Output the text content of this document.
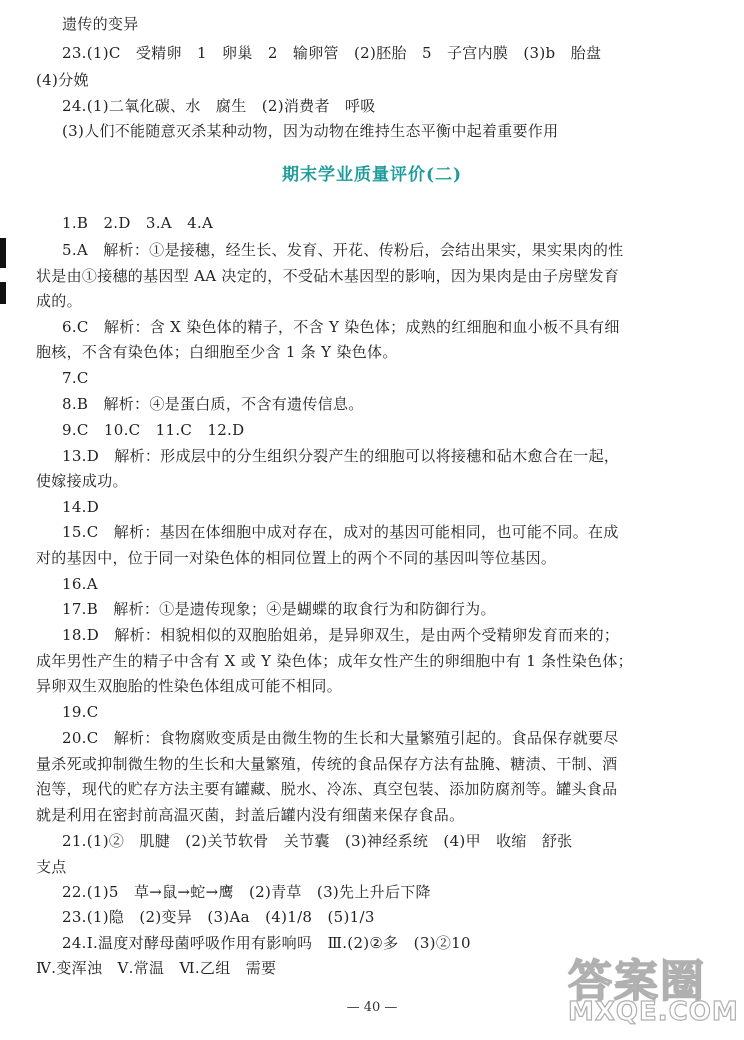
遗传的变异
23.(1)C   受精卵   1   卵巢   2   输卵管   (2)胚胎   5   子宫内膜   (3)b   胎盘
(4)分娩
24.(1)二氧化碳、水   腐生   (2)消费者   呼吸
(3)人们不能随意灭杀某种动物，因为动物在维持生态平衡中起着重要作用
期末学业质量评价(二)
1.B   2.D   3.A   4.A
5.A   解析：①是接穗，经生长、发育、开花、传粉后，会结出果实，果实果肉的性
状是由①接穗的基因型 AA 决定的，不受砧木基因型的影响，因为果肉是由子房壁发育
成的。
6.C   解析：含 X 染色体的精子，不含 Y 染色体；成熟的红细胞和血小板不具有细
胞核，不含有染色体；白细胞至少含 1 条 Y 染色体。
7.C
8.B   解析：④是蛋白质，不含有遗传信息。
9.C   10.C   11.C   12.D
13.D   解析：形成层中的分生组织分裂产生的细胞可以将接穗和砧木愈合在一起，
使嫁接成功。
14.D
15.C   解析：基因在体细胞中成对存在，成对的基因可能相同，也可能不同。在成
对的基因中，位于同一对染色体的相同位置上的两个不同的基因叫等位基因。
16.A
17.B   解析：①是遗传现象；④是蝴蝶的取食行为和防御行为。
18.D   解析：相貌相似的双胞胎姐弟，是异卵双生，是由两个受精卵发育而来的；
成年男性产生的精子中含有 X 或 Y 染色体；成年女性产生的卵细胞中有 1 条性染色体；
异卵双生双胞胎的性染色体组成可能不相同。
19.C
20.C   解析：食物腐败变质是由微生物的生长和大量繁殖引起的。食品保存就要尽
量杀死或抑制微生物的生长和大量繁殖，传统的食品保存方法有盐腌、糖渍、干制、酒
泡等，现代的贮存方法主要有罐藏、脱水、冷冻、真空包装、添加防腐剂等。罐头食品
就是利用在密封前高温灭菌，封盖后罐内没有细菌来保存食品。
21.(1)②   肌腱   (2)关节软骨   关节囊   (3)神经系统   (4)甲   收缩   舒张
支点
22.(1)5   草→鼠→蛇→鹰   (2)青草   (3)先上升后下降
23.(1)隐   (2)变异   (3)Aa   (4)1/8   (5)1/3
24.Ⅰ.温度对酵母菌呼吸作用有影响吗   Ⅲ.(2)②多   (3)②10
Ⅳ.变浑浊   Ⅴ.常温   Ⅵ.乙组   需要
— 40 —
答案圈
MXQE.COM
